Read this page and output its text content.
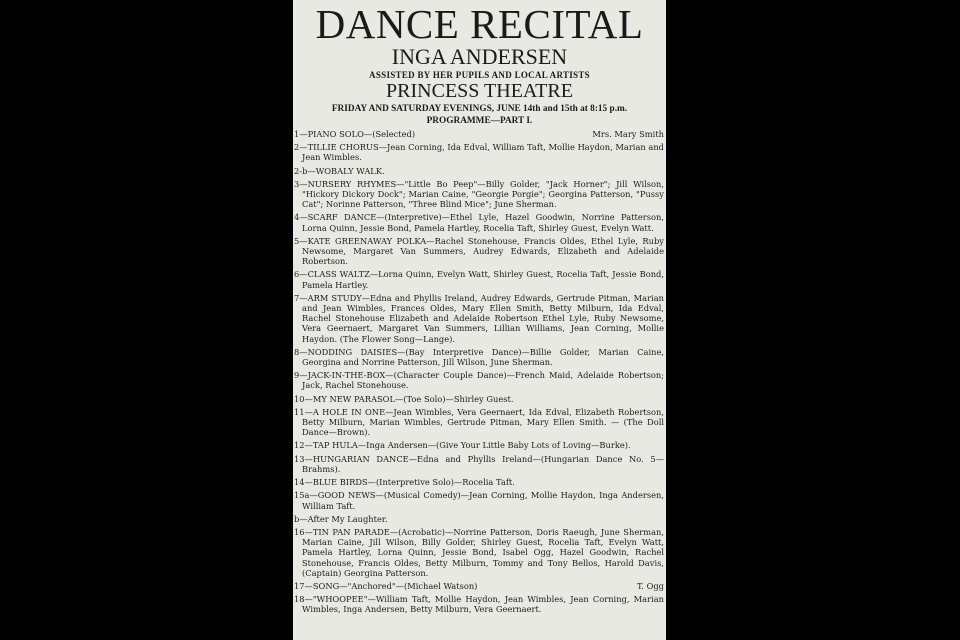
DANCE RECITAL
INGA ANDERSEN
ASSISTED BY HER PUPILS AND LOCAL ARTISTS
PRINCESS THEATRE
FRIDAY AND SATURDAY EVENINGS, JUNE 14th and 15th at 8:15 p.m.
PROGRAMME—PART I.
Mrs. Mary Smith
1—PIANO SOLO—(Selected)
2—TILLIE CHORUS—Jean Corning, Ida Edval, William Taft, Mollie Haydon, Marian and Jean Wimbles.
2-b—WOBALY WALK.
3—NURSERY RHYMES—"Little Bo Peep"—Billy Golder, "Jack Horner"; Jill Wilson, "Hickory Dickory Dock"; Marian Caine, "Georgie Porgie"; Georgina Patterson, "Pussy Cat"; Norinne Patterson, "Three Blind Mice"; June Sherman.
4—SCARF DANCE—(Interpretive)—Ethel Lyle, Hazel Goodwin, Norrine Patterson, Lorna Quinn, Jessie Bond, Pamela Hartley, Rocelia Taft, Shirley Guest, Evelyn Watt.
5—KATE GREENAWAY POLKA—Rachel Stonehouse, Francis Oldes, Ethel Lyle, Ruby Newsome, Margaret Van Summers, Audrey Edwards, Elizabeth and Adelaide Robertson.
6—CLASS WALTZ—Lorna Quinn, Evelyn Watt, Shirley Guest, Rocelia Taft, Jessie Bond, Pamela Hartley.
7—ARM STUDY—Edna and Phyllis Ireland, Audrey Edwards, Gertrude Pitman, Marian and Jean Wimbles, Frances Oldes, Mary Ellen Smith, Betty Milburn, Ida Edval, Rachel Stonehouse Elizabeth and Adelaide Robertson Ethel Lyle, Ruby Newsome, Vera Geernaert, Margaret Van Summers, Lillian Williams, Jean Corning, Mollie Haydon. (The Flower Song—Lange).
8—NODDING DAISIES—(Bay Interpretive Dance)—Billie Golder, Marian Caine, Georgina and Norrine Patterson, Jill Wilson, June Sherman.
9—JACK-IN-THE-BOX—(Character Couple Dance)—French Maid, Adelaide Robertson; Jack, Rachel Stonehouse.
10—MY NEW PARASOL—(Toe Solo)—Shirley Guest.
11—A HOLE IN ONE—Jean Wimbles, Vera Geernaert, Ida Edval, Elizabeth Robertson, Betty Milburn, Marian Wimbles, Gertrude Pitman, Mary Ellen Smith. — (The Doll Dance—Brown).
12—TAP HULA—Inga Andersen—(Give Your Little Baby Lots of Loving—Burke).
13—HUNGARIAN DANCE—Edna and Phyllis Ireland—(Hungarian Dance No. 5—Brahms).
14—BLUE BIRDS—(Interpretive Solo)—Rocelia Taft.
15a—GOOD NEWS—(Musical Comedy)—Jean Corning, Mollie Haydon, Inga Andersen, William Taft.
b—After My Laughter.
16—TIN PAN PARADE—(Acrobatic)—Norrine Patterson, Doris Raeugh, June Sherman, Marian Caine, Jill Wilson, Billy Golder, Shirley Guest, Rocelia Taft, Evelyn Watt, Pamela Hartley, Lorna Quinn, Jessie Bond, Isabel Ogg, Hazel Goodwin, Rachel Stonehouse, Francis Oldes, Betty Milburn, Tommy and Tony Bellos, Harold Davis, (Captain) Georgina Patterson.
T. Ogg
17—SONG—"Anchored"—(Michael Watson)
18—"WHOOPEE"—William Taft, Mollie Haydon, Jean Wimbles, Jean Corning, Marian Wimbles, Inga Andersen, Betty Milburn, Vera Geernaert.
